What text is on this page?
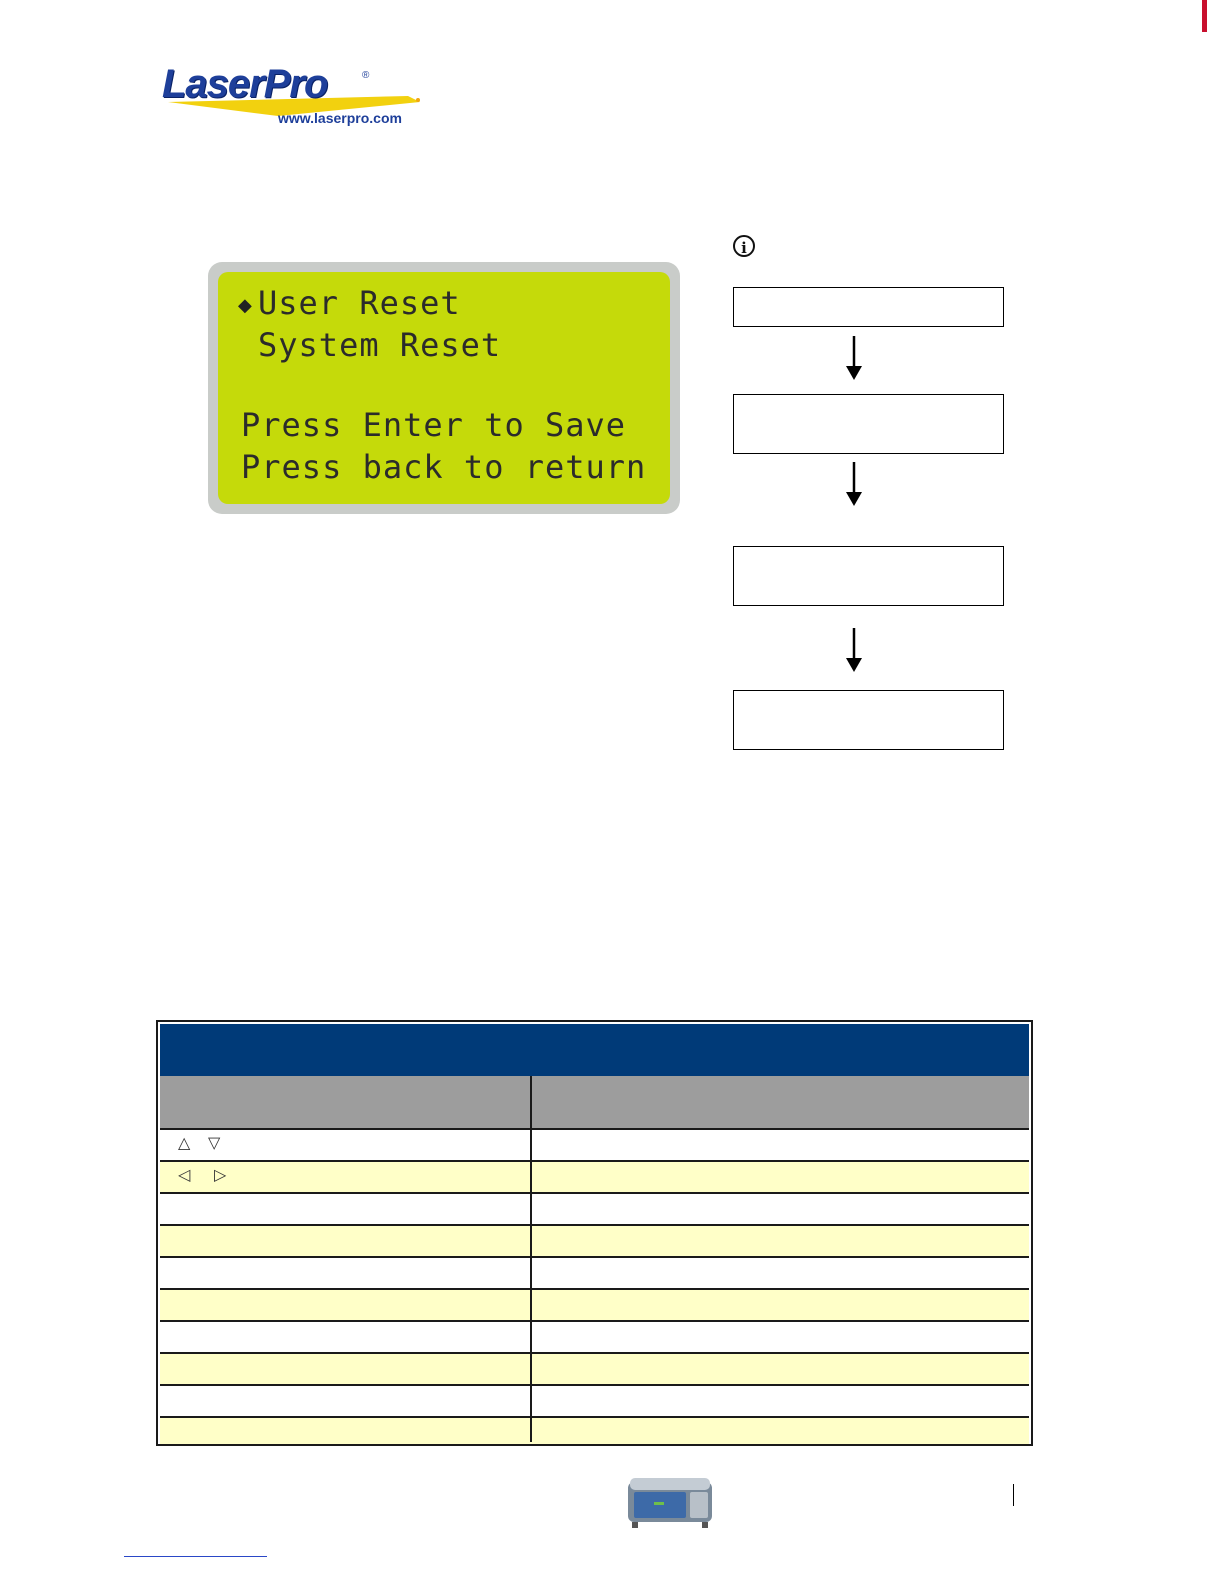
LaserPro	®
www.laserpro.com
◆ User Reset
System Reset
Press Enter to Save
Press back to return
i
△ ▽
◁ ▷
